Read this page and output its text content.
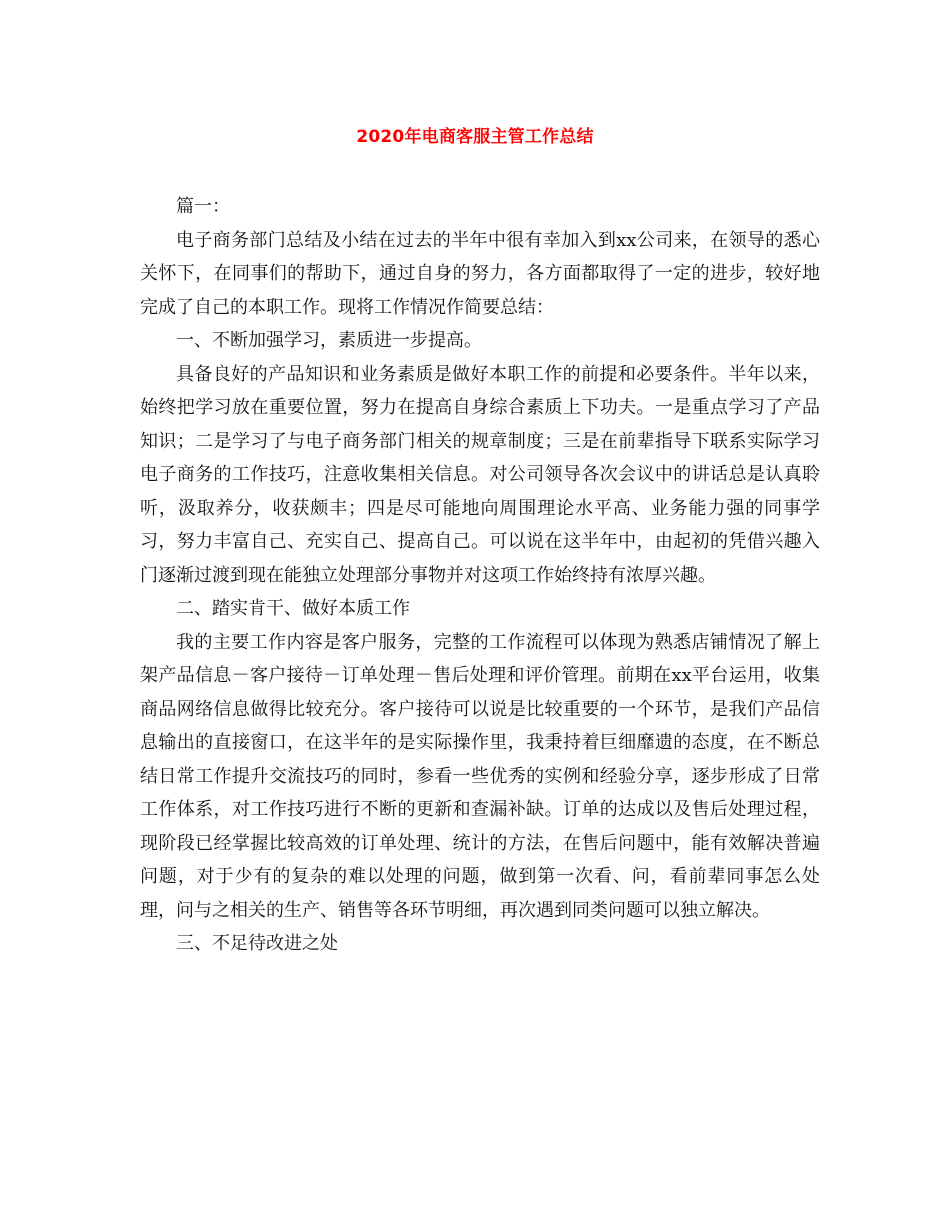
2020年电商客服主管工作总结

篇一：

电子商务部门总结及小结在过去的半年中很有幸加入到xx公司来，在领导的悉心关怀下，在同事们的帮助下，通过自身的努力，各方面都取得了一定的进步，较好地完成了自己的本职工作。现将工作情况作简要总结：

一、不断加强学习，素质进一步提高。

具备良好的产品知识和业务素质是做好本职工作的前提和必要条件。半年以来，始终把学习放在重要位置，努力在提高自身综合素质上下功夫。一是重点学习了产品知识；二是学习了与电子商务部门相关的规章制度；三是在前辈指导下联系实际学习电子商务的工作技巧，注意收集相关信息。对公司领导各次会议中的讲话总是认真聆听，汲取养分，收获颇丰；四是尽可能地向周围理论水平高、业务能力强的同事学习，努力丰富自己、充实自己、提高自己。可以说在这半年中，由起初的凭借兴趣入门逐渐过渡到现在能独立处理部分事物并对这项工作始终持有浓厚兴趣。

二、踏实肯干、做好本质工作

我的主要工作内容是客户服务，完整的工作流程可以体现为熟悉店铺情况了解上架产品信息－客户接待－订单处理－售后处理和评价管理。前期在xx平台运用，收集商品网络信息做得比较充分。客户接待可以说是比较重要的一个环节，是我们产品信息输出的直接窗口，在这半年的是实际操作里，我秉持着巨细靡遗的态度，在不断总结日常工作提升交流技巧的同时，参看一些优秀的实例和经验分享，逐步形成了日常工作体系，对工作技巧进行不断的更新和查漏补缺。订单的达成以及售后处理过程，现阶段已经掌握比较高效的订单处理、统计的方法，在售后问题中，能有效解决普遍问题，对于少有的复杂的难以处理的问题，做到第一次看、问，看前辈同事怎么处理，问与之相关的生产、销售等各环节明细，再次遇到同类问题可以独立解决。

三、不足待改进之处
